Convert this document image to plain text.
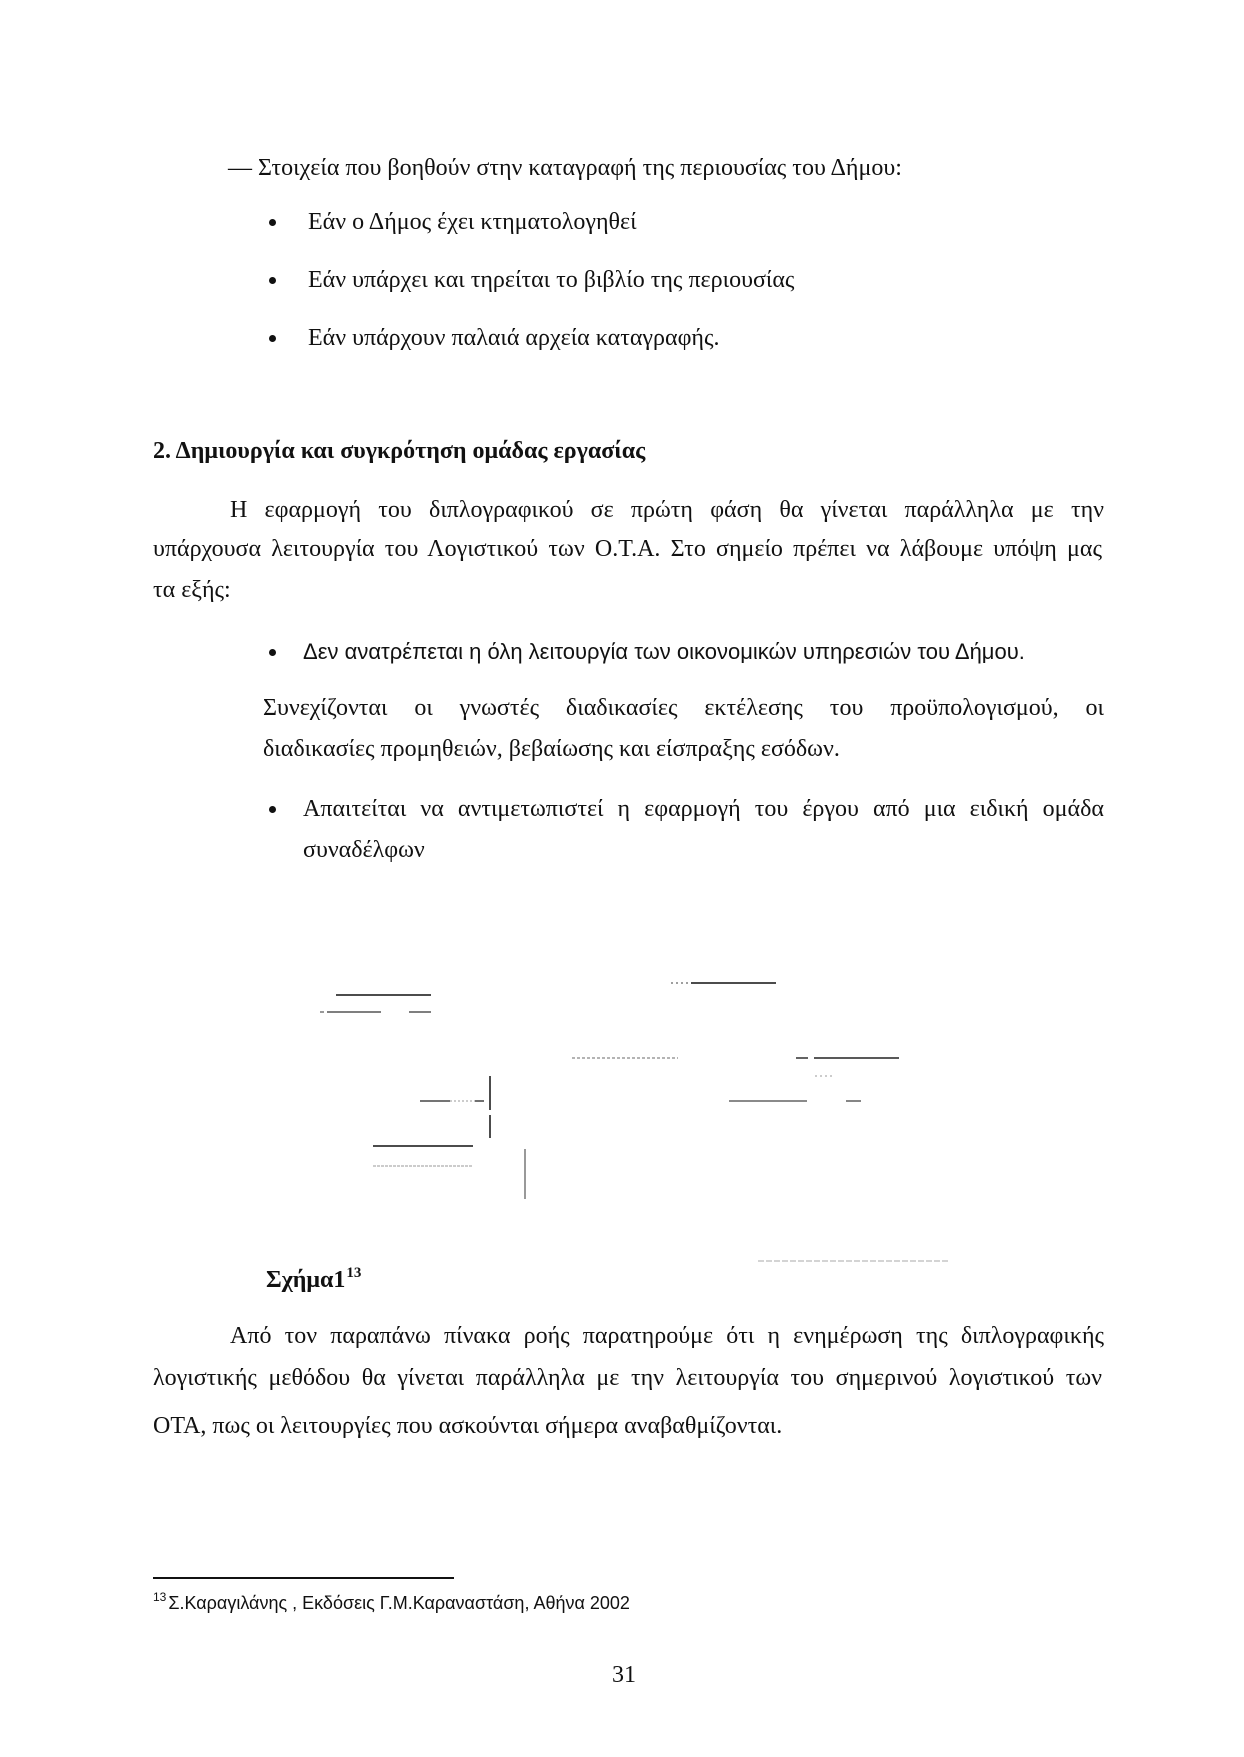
— Στοιχεία που βοηθούν στην καταγραφή της περιουσίας του Δήμου:
Εάν ο Δήμος έχει κτηματολογηθεί
Εάν υπάρχει και τηρείται το βιβλίο της περιουσίας
Εάν υπάρχουν παλαιά αρχεία καταγραφής.
2. Δημιουργία και συγκρότηση ομάδας εργασίας
Η εφαρμογή του διπλογραφικού σε πρώτη φάση θα γίνεται παράλληλα με την
υπάρχουσα λειτουργία του Λογιστικού των Ο.Τ.Α. Στο σημείο πρέπει να λάβουμε υπόψη μας
τα εξής:
Δεν ανατρέπεται η όλη λειτουργία των οικονομικών υπηρεσιών του Δήμου.
Συνεχίζονται οι γνωστές διαδικασίες εκτέλεσης του προϋπολογισμού, οι
διαδικασίες προμηθειών, βεβαίωσης και είσπραξης εσόδων.
Απαιτείται να αντιμετωπιστεί η εφαρμογή του έργου από μια ειδική ομάδα
συναδέλφων
$\Sigma\chi ή\mu\alpha 1^{13}$
Από τον παραπάνω πίνακα ροής παρατηρούμε ότι η ενημέρωση της διπλογραφικής
λογιστικής μεθόδου θα γίνεται παράλληλα με την λειτουργία του σημερινού λογιστικού των
ΟΤΑ, πως οι λειτουργίες που ασκούνται σήμερα αναβαθμίζονται.
$^{13}$ Σ.Καραγιλάνης , Εκδόσεις Γ.Μ.Καραναστάση, Αθήνα 2002
31
